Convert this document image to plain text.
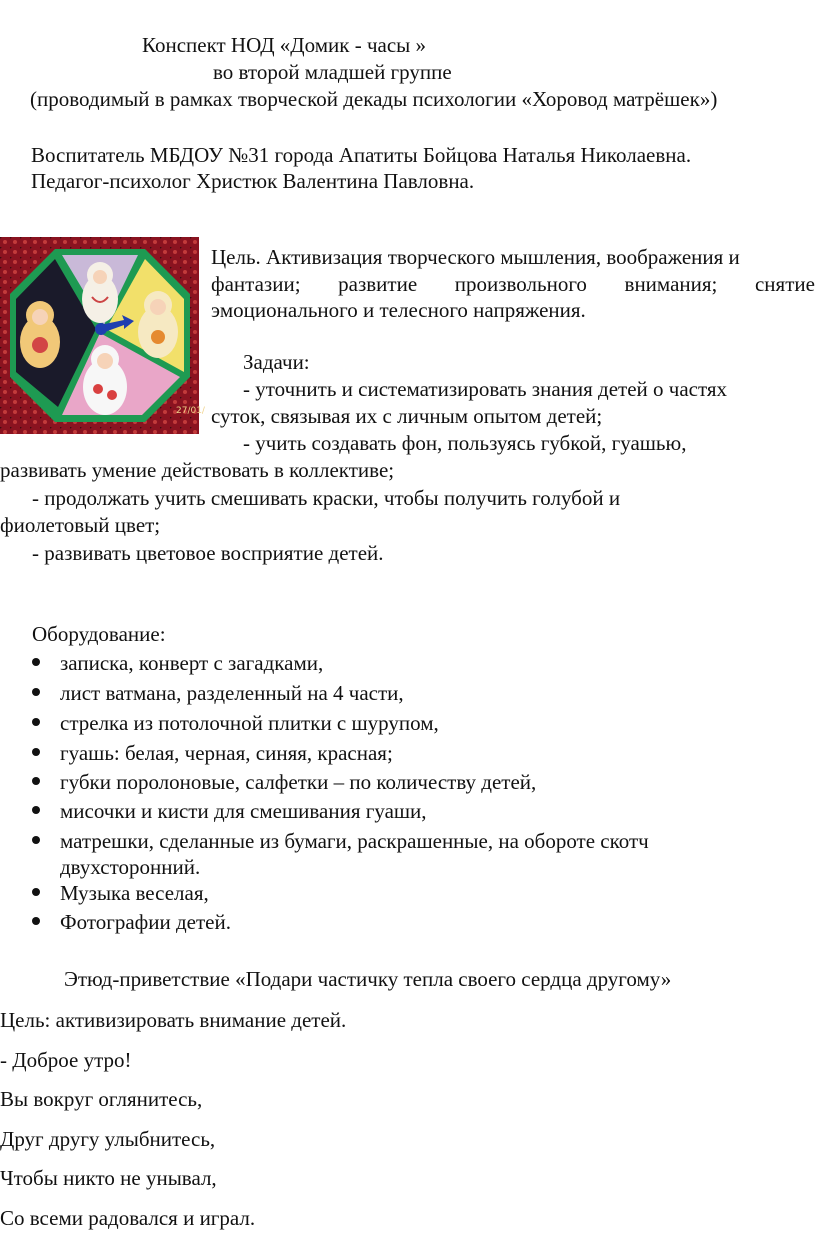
Конспект НОД «Домик - часы »
во второй младшей группе
(проводимый в рамках творческой декады психологии «Хоровод матрёшек»)
Воспитатель МБДОУ №31 города Апатиты Бойцова Наталья Николаевна.
Педагог-психолог Христюк Валентина Павловна.
27/01/
Цель. Активизация творческого мышления, воображения и
фантазии; развитие произвольного внимания; снятие
эмоционального и телесного напряжения.
Задачи:
- уточнить и систематизировать знания детей о частях
суток, связывая их с личным опытом детей;
- учить создавать фон, пользуясь губкой, гуашью,
развивать умение действовать в коллективе;
- продолжать учить смешивать краски, чтобы получить голубой и
фиолетовый цвет;
- развивать цветовое восприятие детей.
Оборудование:
записка, конверт с загадками,
лист ватмана, разделенный на 4 части,
стрелка из потолочной плитки с шурупом,
гуашь: белая, черная, синяя, красная;
губки поролоновые, салфетки – по количеству детей,
мисочки и кисти для смешивания гуаши,
матрешки, сделанные из бумаги, раскрашенные, на обороте скотч
двухсторонний.
Музыка веселая,
Фотографии детей.
Этюд-приветствие «Подари частичку тепла своего сердца другому»
Цель: активизировать внимание детей.
- Доброе утро!
Вы вокруг оглянитесь,
Друг другу улыбнитесь,
Чтобы никто не унывал,
Со всеми радовался и играл.
